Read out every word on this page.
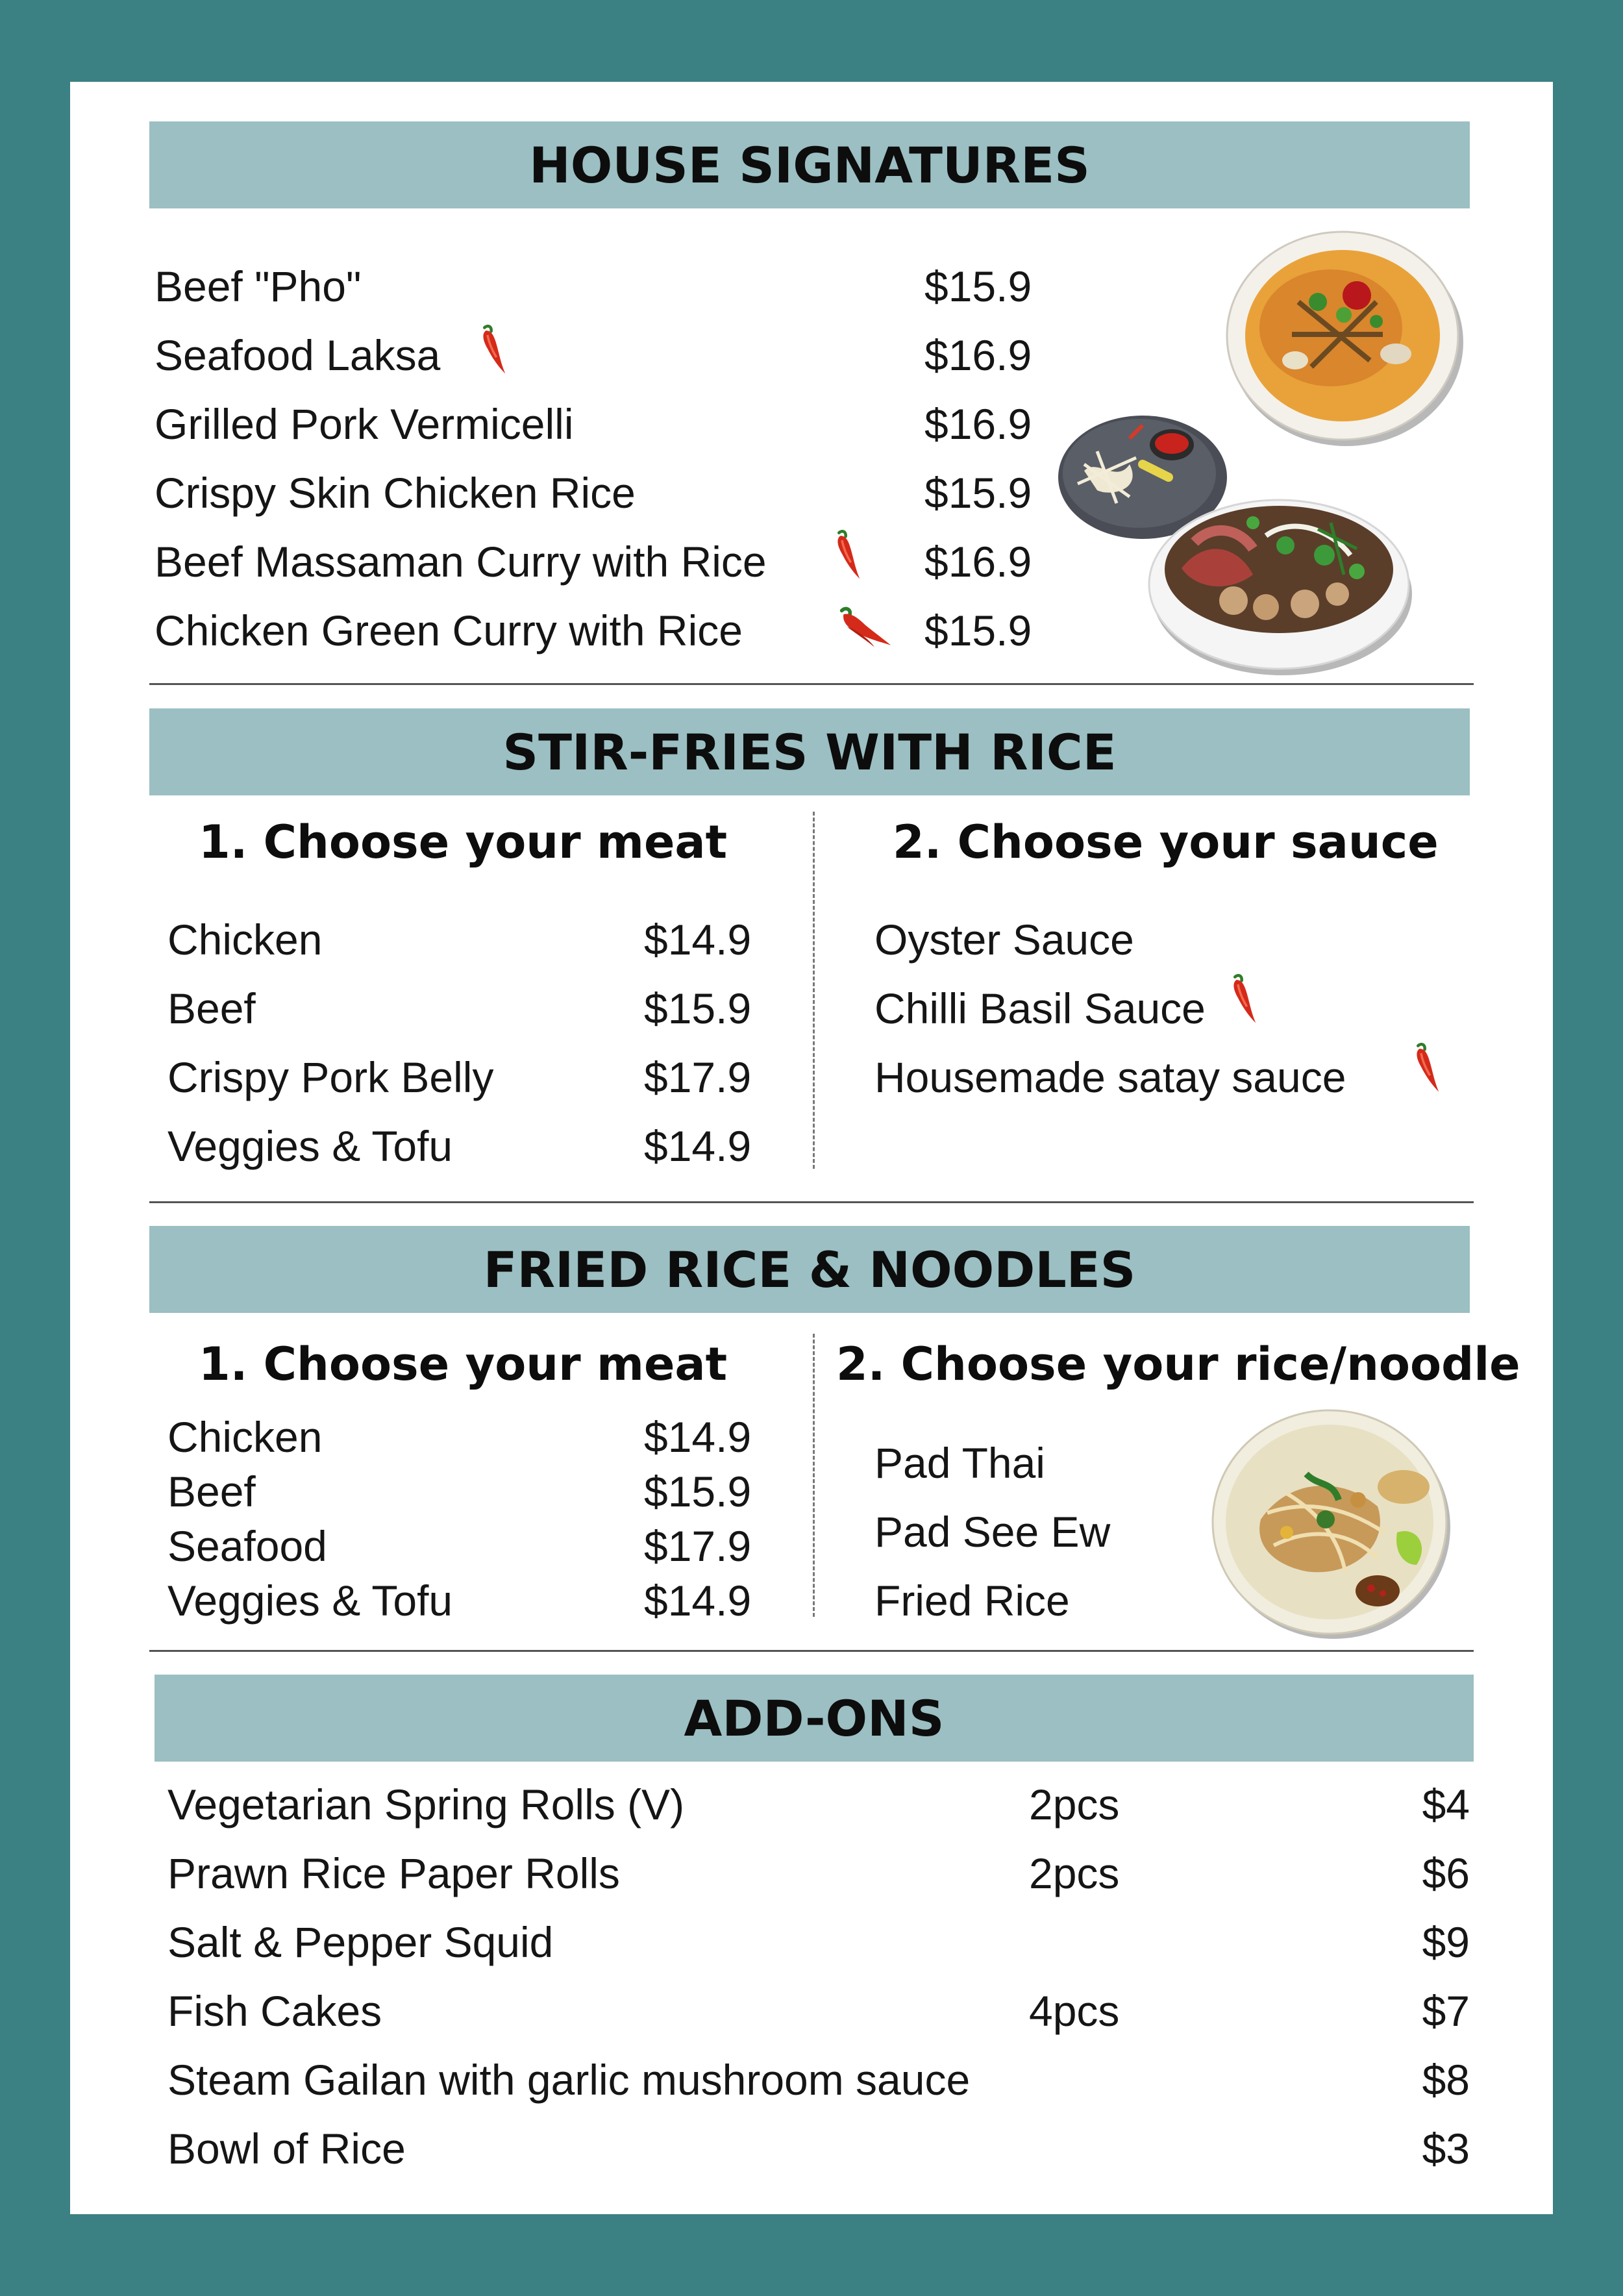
HOUSE SIGNATURES
Beef "Pho"
Seafood Laksa
Grilled Pork Vermicelli
Crispy Skin Chicken Rice
Beef Massaman Curry with Rice
Chicken Green Curry with Rice
$15.9
$16.9
$16.9
$15.9
$16.9
$15.9
STIR-FRIES WITH RICE
1. Choose your meat	2. Choose your sauce
Chicken
Beef
Crispy Pork Belly
Veggies & Tofu
$14.9
$15.9
$17.9
$14.9
Oyster Sauce
Chilli Basil Sauce
Housemade satay sauce
FRIED RICE & NOODLES
1. Choose your meat 2. Choose your rice/noodle
Chicken
Beef
Seafood
Veggies & Tofu
$14.9
$15.9
$17.9
$14.9
Pad Thai
Pad See Ew
Fried Rice
ADD-ONS
Vegetarian Spring Rolls (V)
Prawn Rice Paper Rolls
Salt & Pepper Squid
Fish Cakes
Steam Gailan with garlic mushroom sauce
Bowl of Rice
2pcs
2pcs
4pcs
$4
$6
$9
$7
$8
$3
